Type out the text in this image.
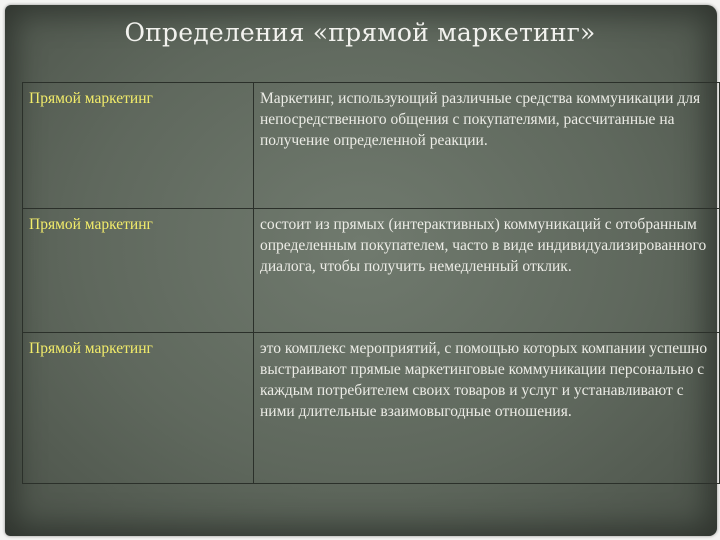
Определения «прямой маркетинг»
Прямой маркетинг	Маркетинг, использующий различные средства коммуникации для непосредственного общения с покупателями, рассчитанные на получение определенной реакции.
Прямой маркетинг	состоит из прямых (интерактивных) коммуникаций с отобранным определенным покупателем, часто в виде индивидуализированного диалога, чтобы получить немедленный отклик.
Прямой маркетинг	это комплекс мероприятий, с помощью которых компании успешно выстраивают прямые маркетинговые коммуникации персонально с каждым потребителем своих товаров и услуг и устанавливают с ними длительные взаимовыгодные отношения.
